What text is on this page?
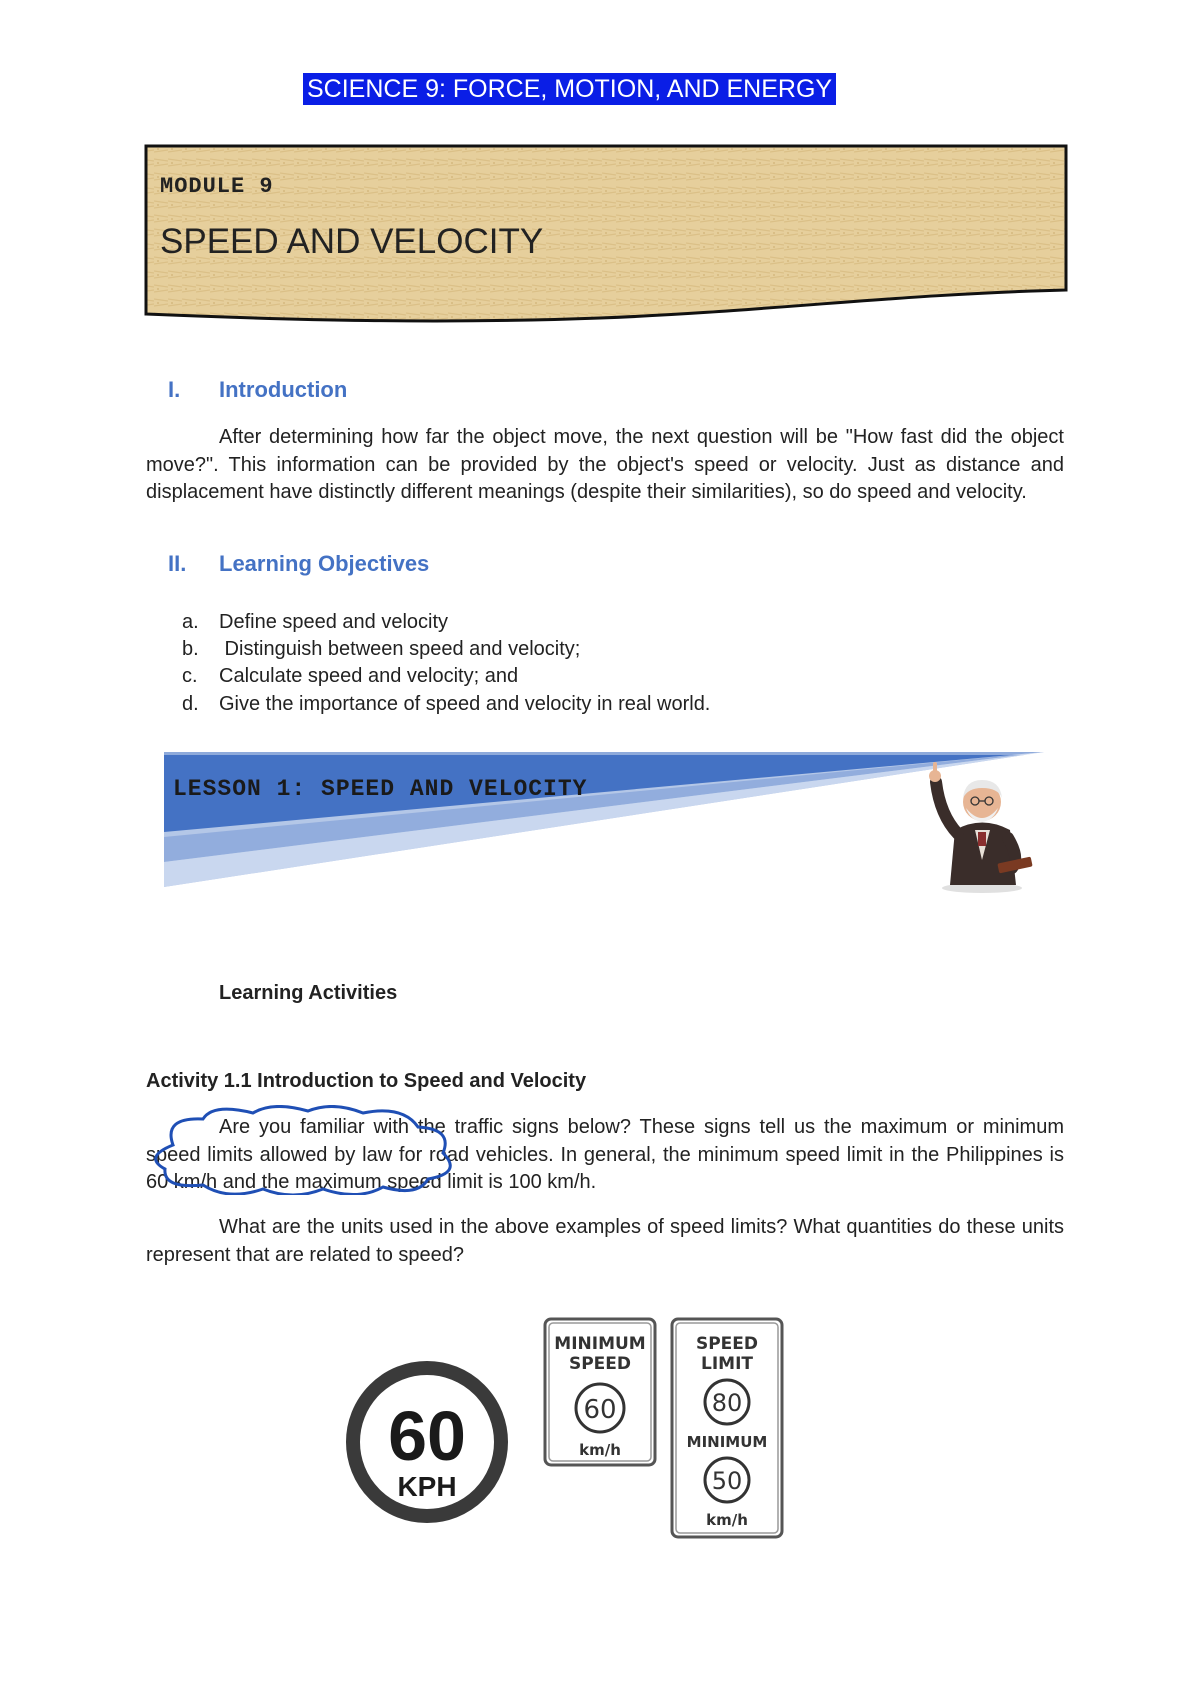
SCIENCE 9: FORCE, MOTION, AND ENERGY
MODULE 9
SPEED AND VELOCITY
I. Introduction
After determining how far the object move, the next question will be "How fast did the object move?". This information can be provided by the object's speed or velocity. Just as distance and displacement have distinctly different meanings (despite their similarities), so do speed and velocity.
II. Learning Objectives
a. Define speed and velocity
b. Distinguish between speed and velocity;
c. Calculate speed and velocity; and
d. Give the importance of speed and velocity in real world.
LESSON 1: SPEED AND VELOCITY
Learning Activities
Activity 1.1 Introduction to Speed and Velocity
Are you familiar with the traffic signs below? These signs tell us the maximum or minimum speed limits allowed by law for road vehicles. In general, the minimum speed limit in the Philippines is 60 km/h and the maximum speed limit is 100 km/h.
What are the units used in the above examples of speed limits? What quantities do these units represent that are related to speed?
60
KPH
MINIMUM
SPEED
60
km/h
SPEED
LIMIT
80
MINIMUM
50
km/h
